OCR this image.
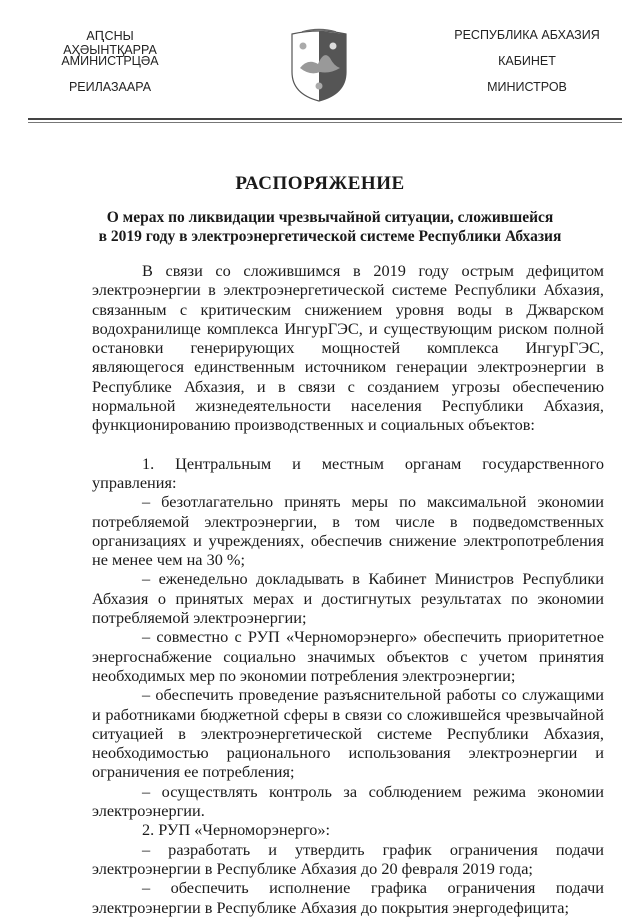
АԤСНЫ АҲӘЫНТҚАРРА
АМИНИСТРЦӘА
РЕИЛАЗААРА
РЕСПУБЛИКА АБХАЗИЯ
КАБИНЕТ
МИНИСТРОВ
РАСПОРЯЖЕНИЕ
О мерах по ликвидации чрезвычайной ситуации, сложившейся
в 2019 году в электроэнергетической системе Республики Абхазия

В связи со сложившимся в 2019 году острым дефицитом электроэнергии в электроэнергетической системе Республики Абхазия, связанным с критическим снижением уровня воды в Джварском водохранилище комплекса ИнгурГЭС, и существующим риском полной остановки генерирующих мощностей комплекса ИнгурГЭС, являющегося единственным источником генерации электроэнергии в Республике Абхазия, и в связи с созданием угрозы обеспечению нормальной жизнедеятельности населения Республики Абхазия, функционированию производственных и социальных объектов:

1. Центральным и местным органам государственного управления:

– безотлагательно принять меры по максимальной экономии потребляемой электроэнергии, в том числе в подведомственных организациях и учреждениях, обеспечив снижение электропотребления не менее чем на 30 %;

– еженедельно докладывать в Кабинет Министров Республики Абхазия о принятых мерах и достигнутых результатах по экономии потребляемой электроэнергии;

– совместно с РУП «Черноморэнерго» обеспечить приоритетное энергоснабжение социально значимых объектов с учетом принятия необходимых мер по экономии потребления электроэнергии;

– обеспечить проведение разъяснительной работы со служащими и работниками бюджетной сферы в связи со сложившейся чрезвычайной ситуацией в электроэнергетической системе Республики Абхазия, необходимостью рационального использования электроэнергии и ограничения ее потребления;

– осуществлять контроль за соблюдением режима экономии электроэнергии.

2. РУП «Черноморэнерго»:

– разработать и утвердить график ограничения подачи электроэнергии в Республике Абхазия до 20 февраля 2019 года;

– обеспечить исполнение графика ограничения подачи электроэнергии в Республике Абхазия до покрытия энергодефицита;
